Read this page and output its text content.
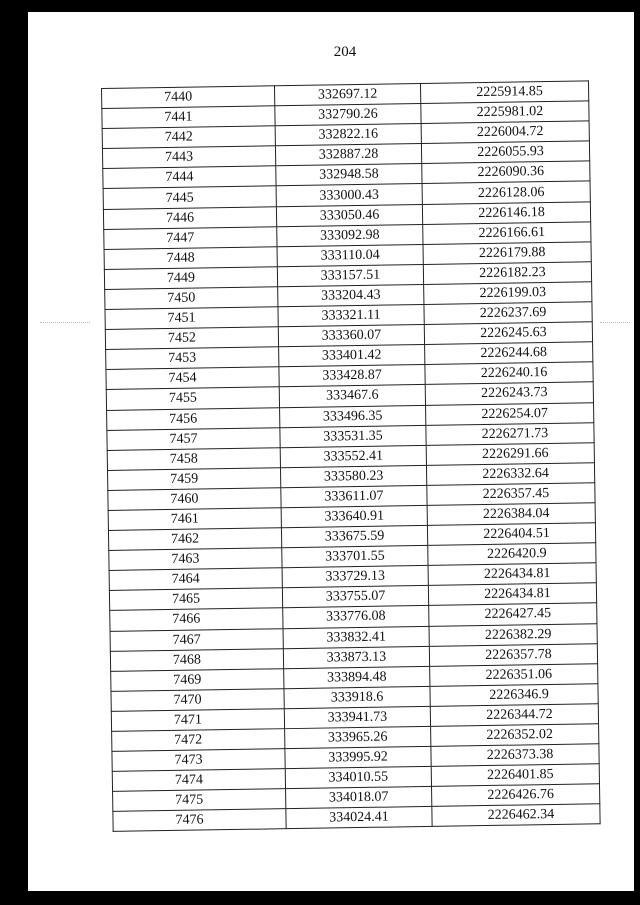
204
7440	332697.12	2225914.85
7441	332790.26	2225981.02
7442	332822.16	2226004.72
7443	332887.28	2226055.93
7444	332948.58	2226090.36
7445	333000.43	2226128.06
7446	333050.46	2226146.18
7447	333092.98	2226166.61
7448	333110.04	2226179.88
7449	333157.51	2226182.23
7450	333204.43	2226199.03
7451	333321.11	2226237.69
7452	333360.07	2226245.63
7453	333401.42	2226244.68
7454	333428.87	2226240.16
7455	333467.6	2226243.73
7456	333496.35	2226254.07
7457	333531.35	2226271.73
7458	333552.41	2226291.66
7459	333580.23	2226332.64
7460	333611.07	2226357.45
7461	333640.91	2226384.04
7462	333675.59	2226404.51
7463	333701.55	2226420.9
7464	333729.13	2226434.81
7465	333755.07	2226434.81
7466	333776.08	2226427.45
7467	333832.41	2226382.29
7468	333873.13	2226357.78
7469	333894.48	2226351.06
7470	333918.6	2226346.9
7471	333941.73	2226344.72
7472	333965.26	2226352.02
7473	333995.92	2226373.38
7474	334010.55	2226401.85
7475	334018.07	2226426.76
7476	334024.41	2226462.34
